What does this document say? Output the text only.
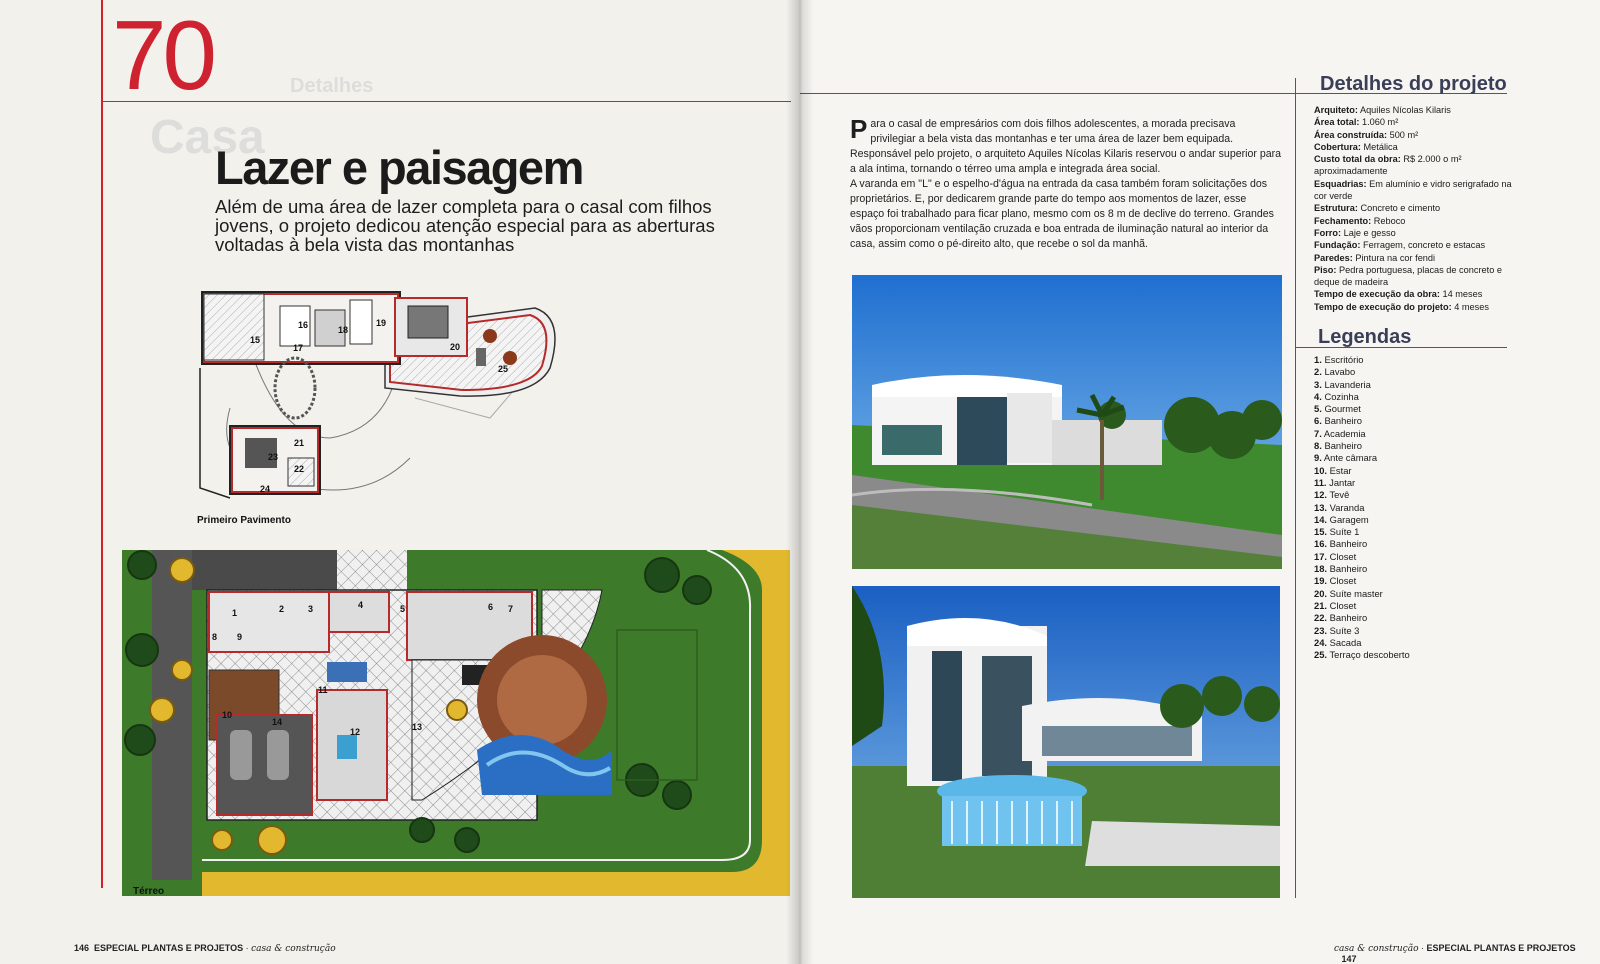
Casa
Detalhes
70
Lazer e paisagem

Além de uma área de lazer completa para o casal com filhos jovens, o projeto dedicou atenção especial para as aberturas voltadas à bela vista das montanhas

15
16
17
18
19
20
21
22
23
24
25
Primeiro Pavimento
1	2	3	4	5	6 7
8 9
10
11
12	13
14
Térreo
146 ESPECIAL PLANTAS E PROJETOS · casa & construção

Para o casal de empresários com dois filhos adolescentes, a morada precisava privilegiar a bela vista das montanhas e ter uma área de lazer bem equipada. Responsável pelo projeto, o arquiteto Aquiles Nícolas Kilaris reservou o andar superior para a ala íntima, tornando o térreo uma ampla e integrada área social.

A varanda em "L" e o espelho-d'água na entrada da casa também foram solicitações dos proprietários. E, por dedicarem grande parte do tempo aos momentos de lazer, esse espaço foi trabalhado para ficar plano, mesmo com os 8 m de declive do terreno. Grandes vãos proporcionam ventilação cruzada e boa entrada de iluminação natural ao interior da casa, assim como o pé-direito alto, que recebe o sol da manhã.

Detalhes do projeto
Arquiteto: Aquiles Nícolas Kilaris
Área total: 1.060 m²
Área construída: 500 m²
Cobertura: Metálica
Custo total da obra: R$ 2.000 o m² aproximadamente
Esquadrias: Em alumínio e vidro serigrafado na cor verde
Estrutura: Concreto e cimento
Fechamento: Reboco
Forro: Laje e gesso
Fundação: Ferragem, concreto e estacas
Paredes: Pintura na cor fendi
Piso: Pedra portuguesa, placas de concreto e deque de madeira
Tempo de execução da obra: 14 meses
Tempo de execução do projeto: 4 meses
Legendas
1. Escritório
2. Lavabo
3. Lavanderia
4. Cozinha
5. Gourmet
6. Banheiro
7. Academia
8. Banheiro
9. Ante câmara
10. Estar
11. Jantar
12. Tevê
13. Varanda
14. Garagem
15. Suíte 1
16. Banheiro
17. Closet
18. Banheiro
19. Closet
20. Suíte master
21. Closet
22. Banheiro
23. Suíte 3
24. Sacada
25. Terraço descoberto
casa & construção · ESPECIAL PLANTAS E PROJETOS    147
